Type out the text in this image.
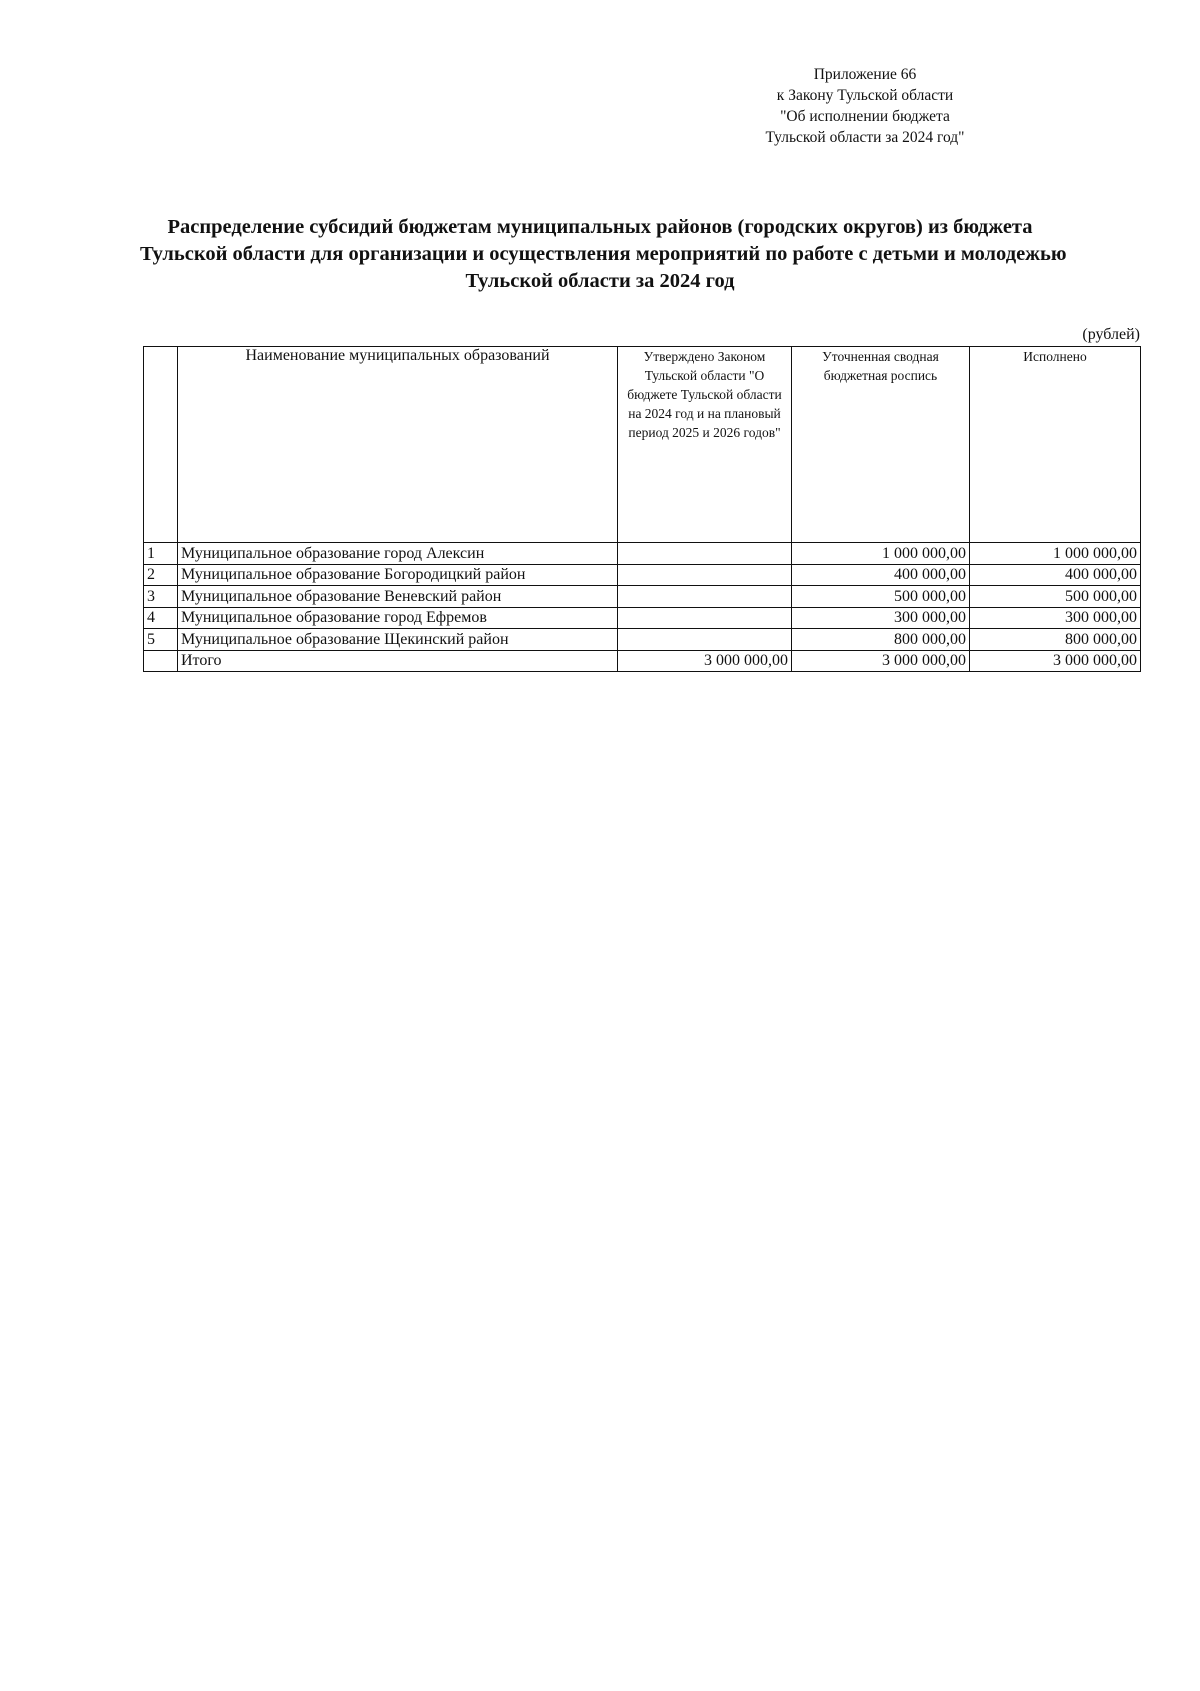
Приложение 66
к Закону Тульской области
"Об исполнении бюджета
Тульской области за 2024 год"
Распределение субсидий бюджетам муниципальных районов (городских округов) из бюджета
Тульской области для организации и осуществления мероприятий по работе с детьми и молодежью
Тульской области за 2024 год
(рублей)
	Наименование муниципальных образований	Утверждено Законом Тульской области "О бюджете Тульской области на 2024 год и на плановый период 2025 и 2026 годов"	Уточненная сводная бюджетная роспись	Исполнено
1	Муниципальное образование город Алексин		1 000 000,00	1 000 000,00
2	Муниципальное образование Богородицкий район		400 000,00	400 000,00
3	Муниципальное образование Веневский район		500 000,00	500 000,00
4	Муниципальное образование город Ефремов		300 000,00	300 000,00
5	Муниципальное образование Щекинский район		800 000,00	800 000,00
	Итого	3 000 000,00	3 000 000,00	3 000 000,00
